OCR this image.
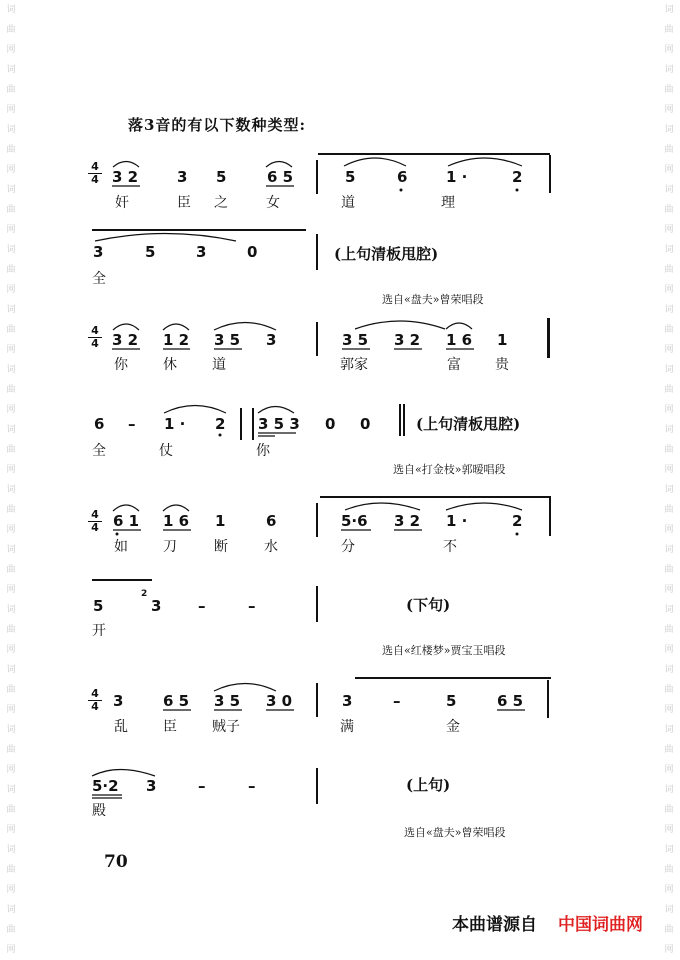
词
曲
网
词
曲
网
词
曲
网
词
曲
网
词
曲
网
词
曲
网
词
曲
网
词
曲
网
词
曲
网
词
曲
网
词
曲
网
词
曲
网
词
曲
网
词
曲
网
词
曲
网
词
曲
网
词
曲
网
词
曲
网
词
曲
网
词
曲
网
词
曲
网
词
曲
网
词
曲
网
词
曲
网
词
曲
网
词
曲
网
词
曲
网
词
曲
网
词
曲
网
词
曲
网
词
曲
网
词
曲
网
落3音的有以下数种类型:
4
4 3 2	3 5	6 5	5	6	1 ·	2
奸	臣 之	女	道	理
3	5	3	0	(上句清板甩腔)
全
选自«盘夫»曾荣唱段
4
4 3 2 1 2 3 5 3	3 5 3 2 1 6 1
你	休	道	郭家	富 贵
6 – 1 · 2 3 5 3 0 0	(上句清板甩腔)
全	仗	你
选自«打金枝»郭暧唱段
4
4 6 1 1 6 1	6	5·6 3 2 1 ·	2
如	刀	断	水	分	不
5
2
3 –	–	(下句)
开
选自«红楼梦»贾宝玉唱段
4
4 3	6 5 3 5 3 0	3	–	5	6 5
乱	臣	贼子	满	金
5·2 3	–	–	(上句)
殿
选自«盘夫»曾荣唱段
70
本曲谱源自 中国词曲网
